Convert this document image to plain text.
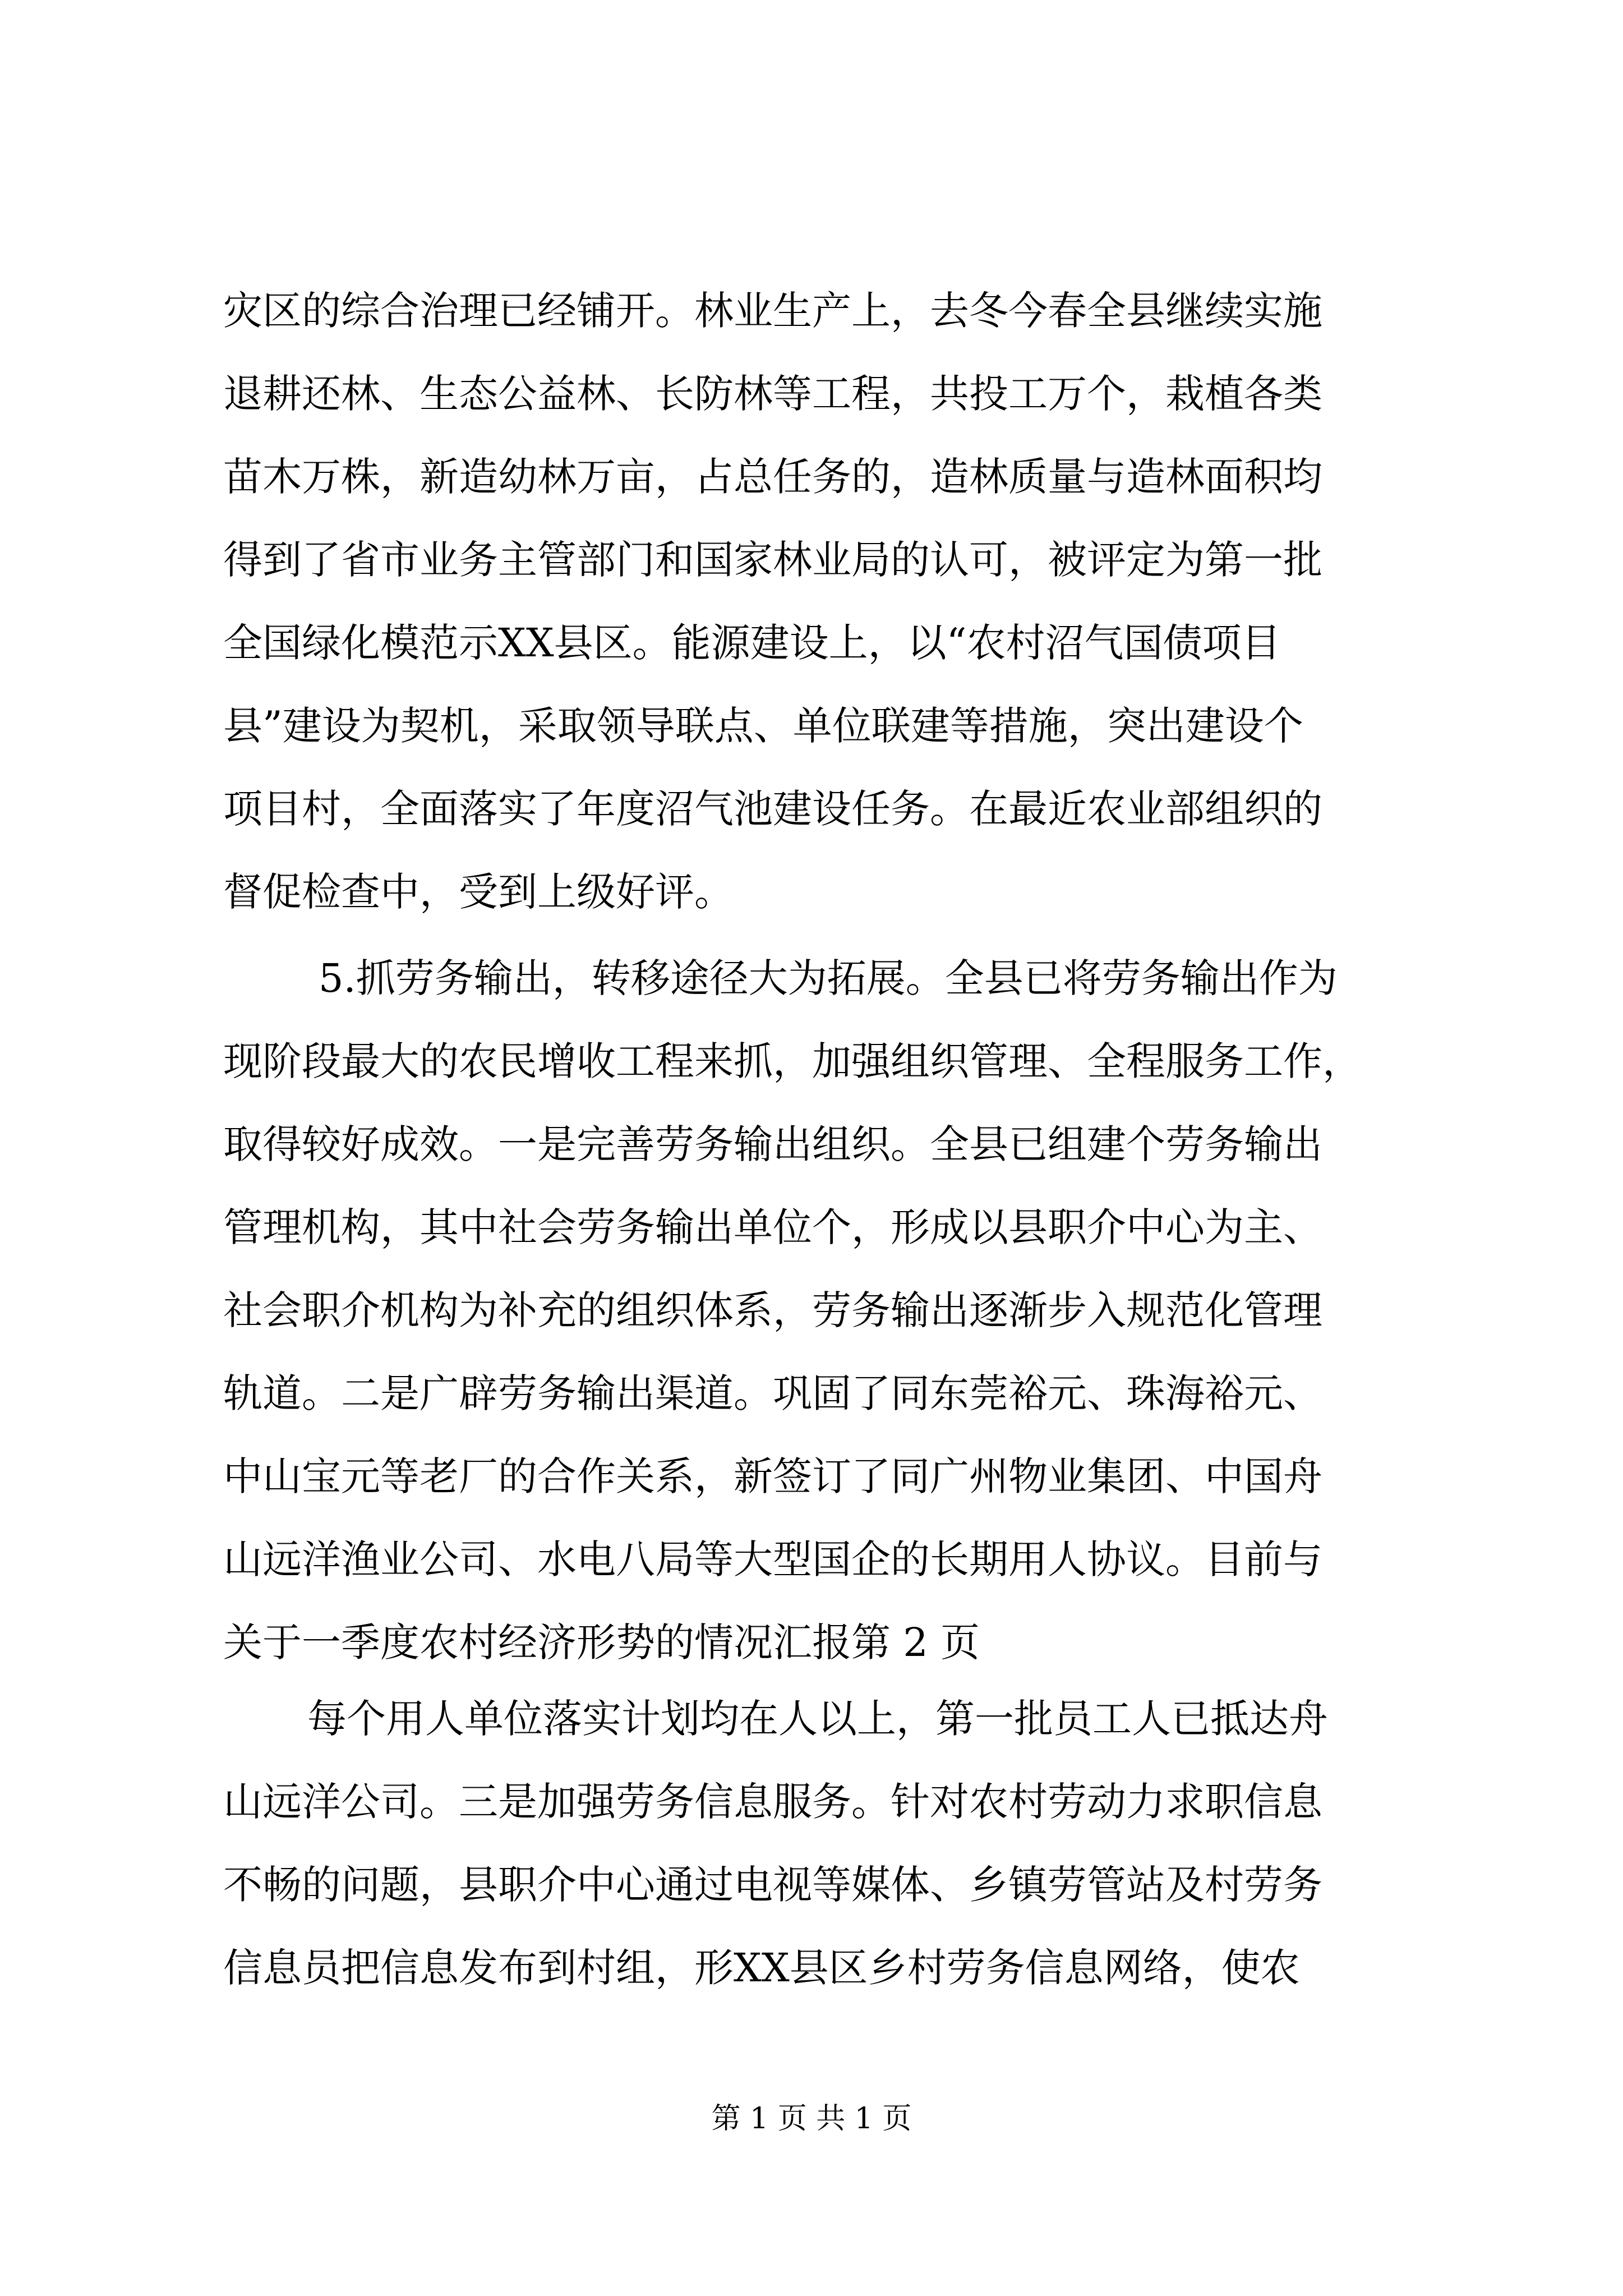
灾区的综合治理已经铺开。林业生产上，去冬今春全县继续实施
退耕还林、生态公益林、长防林等工程，共投工万个，栽植各类
苗木万株，新造幼林万亩，占总任务的，造林质量与造林面积均
得到了省市业务主管部门和国家林业局的认可，被评定为第一批
全国绿化模范示XX县区。能源建设上，以“农村沼气国债项目
县”建设为契机，采取领导联点、单位联建等措施，突出建设个
项目村，全面落实了年度沼气池建设任务。在最近农业部组织的
督促检查中，受到上级好评。
5.抓劳务输出，转移途径大为拓展。全县已将劳务输出作为
现阶段最大的农民增收工程来抓，加强组织管理、全程服务工作，
取得较好成效。一是完善劳务输出组织。全县已组建个劳务输出
管理机构，其中社会劳务输出单位个，形成以县职介中心为主、
社会职介机构为补充的组织体系，劳务输出逐渐步入规范化管理
轨道。二是广辟劳务输出渠道。巩固了同东莞裕元、珠海裕元、
中山宝元等老厂的合作关系，新签订了同广州物业集团、中国舟
山远洋渔业公司、水电八局等大型国企的长期用人协议。目前与
关于一季度农村经济形势的情况汇报第 2 页
每个用人单位落实计划均在人以上，第一批员工人已抵达舟
山远洋公司。三是加强劳务信息服务。针对农村劳动力求职信息
不畅的问题，县职介中心通过电视等媒体、乡镇劳管站及村劳务
信息员把信息发布到村组，形XX县区乡村劳务信息网络，使农
第 1 页 共 1 页
